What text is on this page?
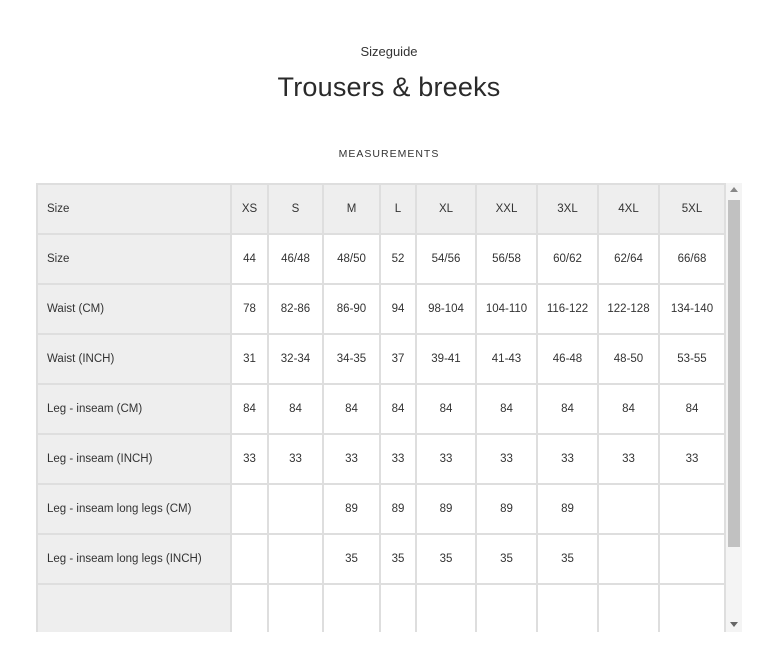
Sizeguide
Trousers & breeks
MEASUREMENTS
Size	XS	S	M	L	XL	XXL	3XL	4XL	5XL
Size	44	46/48	48/50	52	54/56	56/58	60/62	62/64	66/68
Waist (CM)	78	82-86	86-90	94	98-104	104-110	116-122	122-128	134-140
Waist (INCH)	31	32-34	34-35	37	39-41	41-43	46-48	48-50	53-55
Leg - inseam (CM)	84	84	84	84	84	84	84	84	84
Leg - inseam (INCH)	33	33	33	33	33	33	33	33	33
Leg - inseam long legs (CM)			89	89	89	89	89		
Leg - inseam long legs (INCH)			35	35	35	35	35		
